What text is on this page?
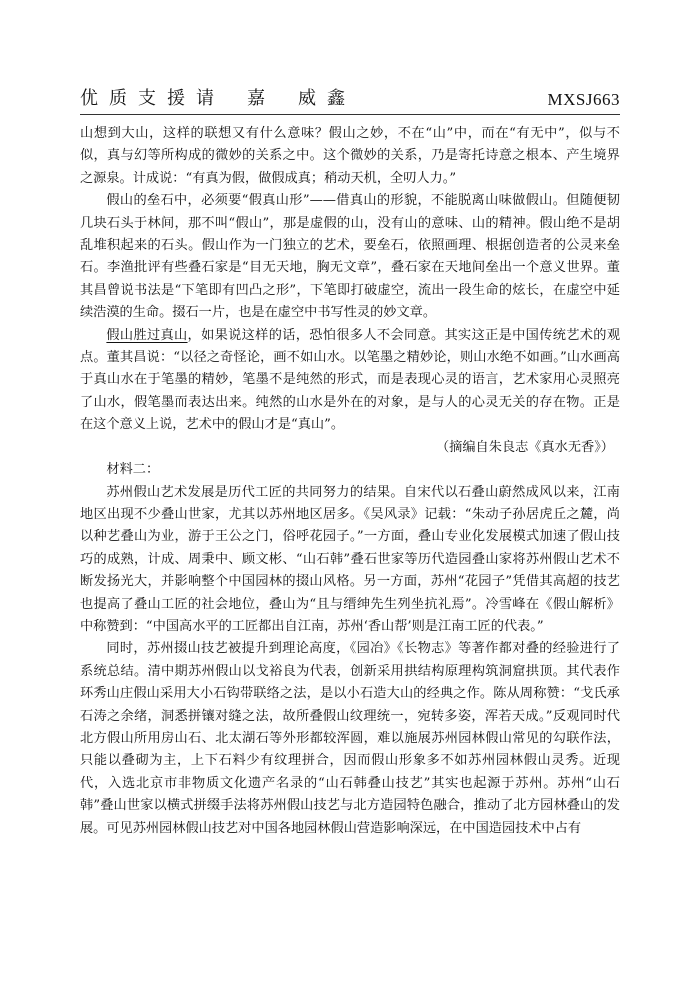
优质支援请 嘉 威鑫	MXSJ663

山想到大山，这样的联想又有什么意味？假山之妙，不在“山”中，而在“有无中”，似与不似，真与幻等所构成的微妙的关系之中。这个微妙的关系，乃是寄托诗意之根本、产生境界之源泉。计成说：“有真为假，做假成真；稍动天机，全叨人力。”

假山的垒石中，必须要“假真山形”——借真山的形貌，不能脱离山味做假山。但随便韧几块石头于林间，那不叫“假山”，那是虚假的山，没有山的意味、山的精神。假山绝不是胡乱堆积起来的石头。假山作为一门独立的艺术，要垒石，依照画理、根据创造者的公灵来垒石。李渔批评有些叠石家是“目无天地，胸无文章”，叠石家在天地间垒出一个意义世界。董其昌曾说书法是“下笔即有凹凸之形”，下笔即打破虚空，流出一段生命的炫长，在虚空中延续浩漠的生命。掇石一片，也是在虚空中书写性灵的妙文章。

假山胜过真山，如果说这样的话，恐怕很多人不会同意。其实这正是中国传统艺术的观点。董其昌说：“以径之奇怪论，画不如山水。以笔墨之精妙论，则山水绝不如画。”山水画高于真山水在于笔墨的精妙，笔墨不是纯然的形式，而是表现心灵的语言，艺术家用心灵照亮了山水，假笔墨而表达出来。纯然的山水是外在的对象，是与人的心灵无关的存在物。正是在这个意义上说，艺术中的假山才是“真山”。

（摘编自朱良志《真水无香》）

材料二：

苏州假山艺术发展是历代工匠的共同努力的结果。自宋代以石叠山蔚然成风以来，江南地区出现不少叠山世家，尤其以苏州地区居多。《吴风录》记载：“朱动子孙居虎丘之麓，尚以种艺叠山为业，游于王公之门，俗呼花园子。”一方面，叠山专业化发展模式加速了假山技巧的成熟，计成、周秉中、顾文彬、“山石韩”叠石世家等历代造园叠山家将苏州假山艺术不断发扬光大，并影响整个中国园林的掇山风格。另一方面，苏州“花园子”凭借其高超的技艺也提高了叠山工匠的社会地位，叠山为“且与缙绅先生列坐抗礼焉”。冷雪峰在《假山解析》中称赞到：“中国高水平的工匠都出自江南，苏州‘香山帮’则是江南工匠的代表。”

同时，苏州掇山技艺被提升到理论高度，《园冶》《长物志》等著作都对叠的经验进行了系统总结。清中期苏州假山以戈裕良为代表，创新采用拱结构原理构筑洞窟拱顶。其代表作环秀山庄假山采用大小石钩带联络之法，是以小石造大山的经典之作。陈从周称赞：“戈氏承石涛之余绪，洞悉拼镶对缝之法，故所叠假山纹理统一，宛转多姿，浑若天成。”反观同时代北方假山所用房山石、北太湖石等外形都较浑圆，难以施展苏州园林假山常见的勾联作法，只能以叠砌为主，上下石料少有纹理拼合，因而假山形象多不如苏州园林假山灵秀。近现代，入选北京市非物质文化遗产名录的“山石韩叠山技艺”其实也起源于苏州。苏州“山石韩”叠山世家以横式拼缀手法将苏州假山技艺与北方造园特色融合，推动了北方园林叠山的发展。可见苏州园林假山技艺对中国各地园林假山营造影响深远，在中国造园技术中占有
